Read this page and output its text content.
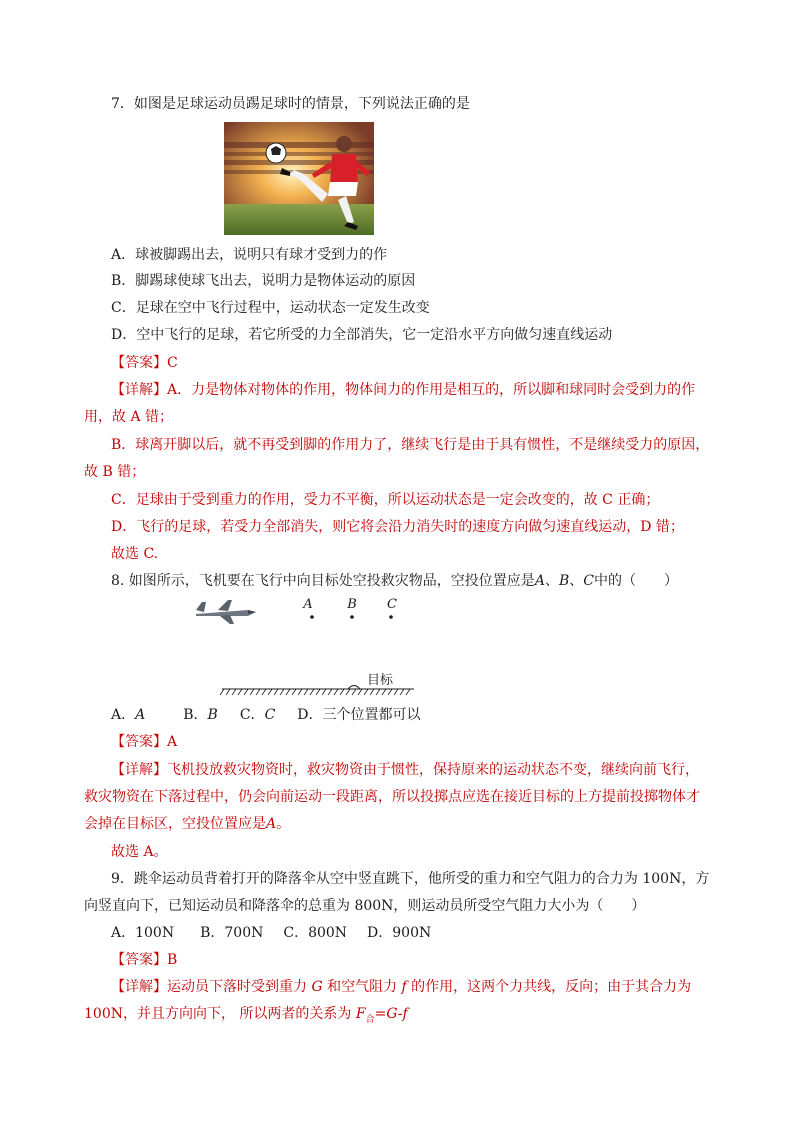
7．如图是足球运动员踢足球时的情景，下列说法正确的是
A．球被脚踢出去，说明只有球才受到力的作
B．脚踢球使球飞出去，说明力是物体运动的原因
C．足球在空中飞行过程中，运动状态一定发生改变
D．空中飞行的足球，若它所受的力全部消失，它一定沿水平方向做匀速直线运动
【答案】C
【详解】A．力是物体对物体的作用，物体间力的作用是相互的，所以脚和球同时会受到力的作
用，故 A 错；
B．球离开脚以后，就不再受到脚的作用力了，继续飞行是由于具有惯性，不是继续受力的原因，
故 B 错；
C．足球由于受到重力的作用，受力不平衡，所以运动状态是一定会改变的，故 C 正确；
D．飞行的足球，若受力全部消失，则它将会沿力消失时的速度方向做匀速直线运动，D 错；
故选 C.
8. 如图所示，飞机要在飞行中向目标处空投救灾物品，空投位置应是A、B、C中的（　　）
A	B C
目标
A．A	B．B C．C D．三个位置都可以
【答案】A
【详解】飞机投放救灾物资时，救灾物资由于惯性，保持原来的运动状态不变，继续向前飞行，
救灾物资在下落过程中，仍会向前运动一段距离，所以投掷点应选在接近目标的上方提前投掷物体才
会掉在目标区，空投位置应是A。
故选 A。
9．跳伞运动员背着打开的降落伞从空中竖直跳下，他所受的重力和空气阻力的合力为 100N，方
向竖直向下，已知运动员和降落伞的总重为 800N，则运动员所受空气阻力大小为（　　）
A．100N B．700N C．800N D．900N
【答案】B
【详解】运动员下落时受到重力 G 和空气阻力 f 的作用，这两个力共线，反向；由于其合力为
100N，并且方向向下， 所以两者的关系为 $F_合=G-f$
